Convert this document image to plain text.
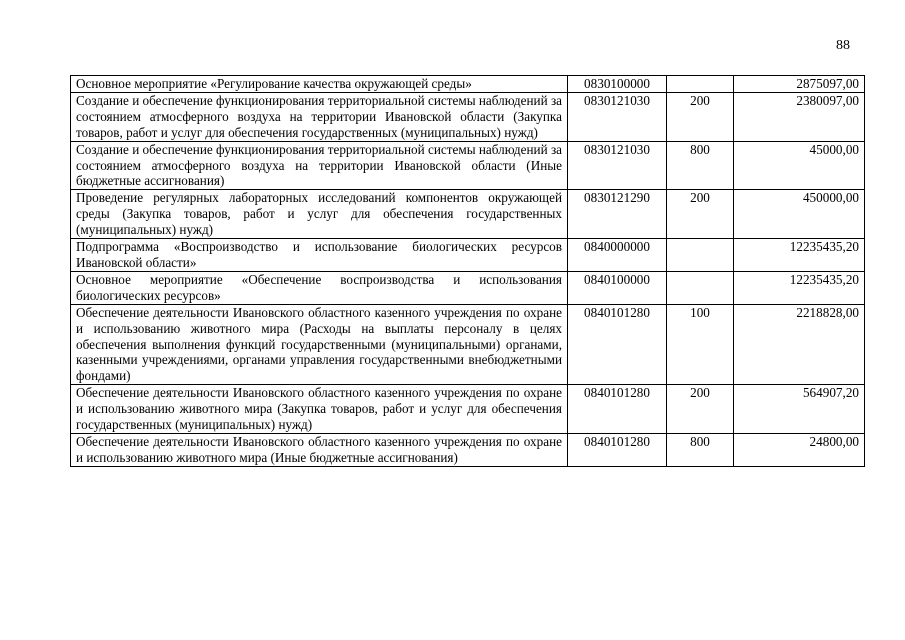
88
Основное мероприятие «Регулирование качества окружающей среды»	0830100000		2875097,00
Создание и обеспечение функционирования территориальной системы наблюдений за состоянием атмосферного воздуха на территории Ивановской области (Закупка товаров, работ и услуг для обеспечения государственных (муниципальных) нужд)	0830121030	200	2380097,00
Создание и обеспечение функционирования территориальной системы наблюдений за состоянием атмосферного воздуха на территории Ивановской области (Иные бюджетные ассигнования)	0830121030	800	45000,00
Проведение регулярных лабораторных исследований компонентов окружающей среды (Закупка товаров, работ и услуг для обеспечения государственных (муниципальных) нужд)	0830121290	200	450000,00
Подпрограмма «Воспроизводство и использование биологических ресурсов Ивановской области»	0840000000		12235435,20
Основное мероприятие «Обеспечение воспроизводства и использования биологических ресурсов»	0840100000		12235435,20
Обеспечение деятельности Ивановского областного казенного учреждения по охране и использованию животного мира (Расходы на выплаты персоналу в целях обеспечения выполнения функций государственными (муниципальными) органами, казенными учреждениями, органами управления государственными внебюджетными фондами)	0840101280	100	2218828,00
Обеспечение деятельности Ивановского областного казенного учреждения по охране и использованию животного мира (Закупка товаров, работ и услуг для обеспечения государственных (муниципальных) нужд)	0840101280	200	564907,20
Обеспечение деятельности Ивановского областного казенного учреждения по охране и использованию животного мира (Иные бюджетные ассигнования)	0840101280	800	24800,00
